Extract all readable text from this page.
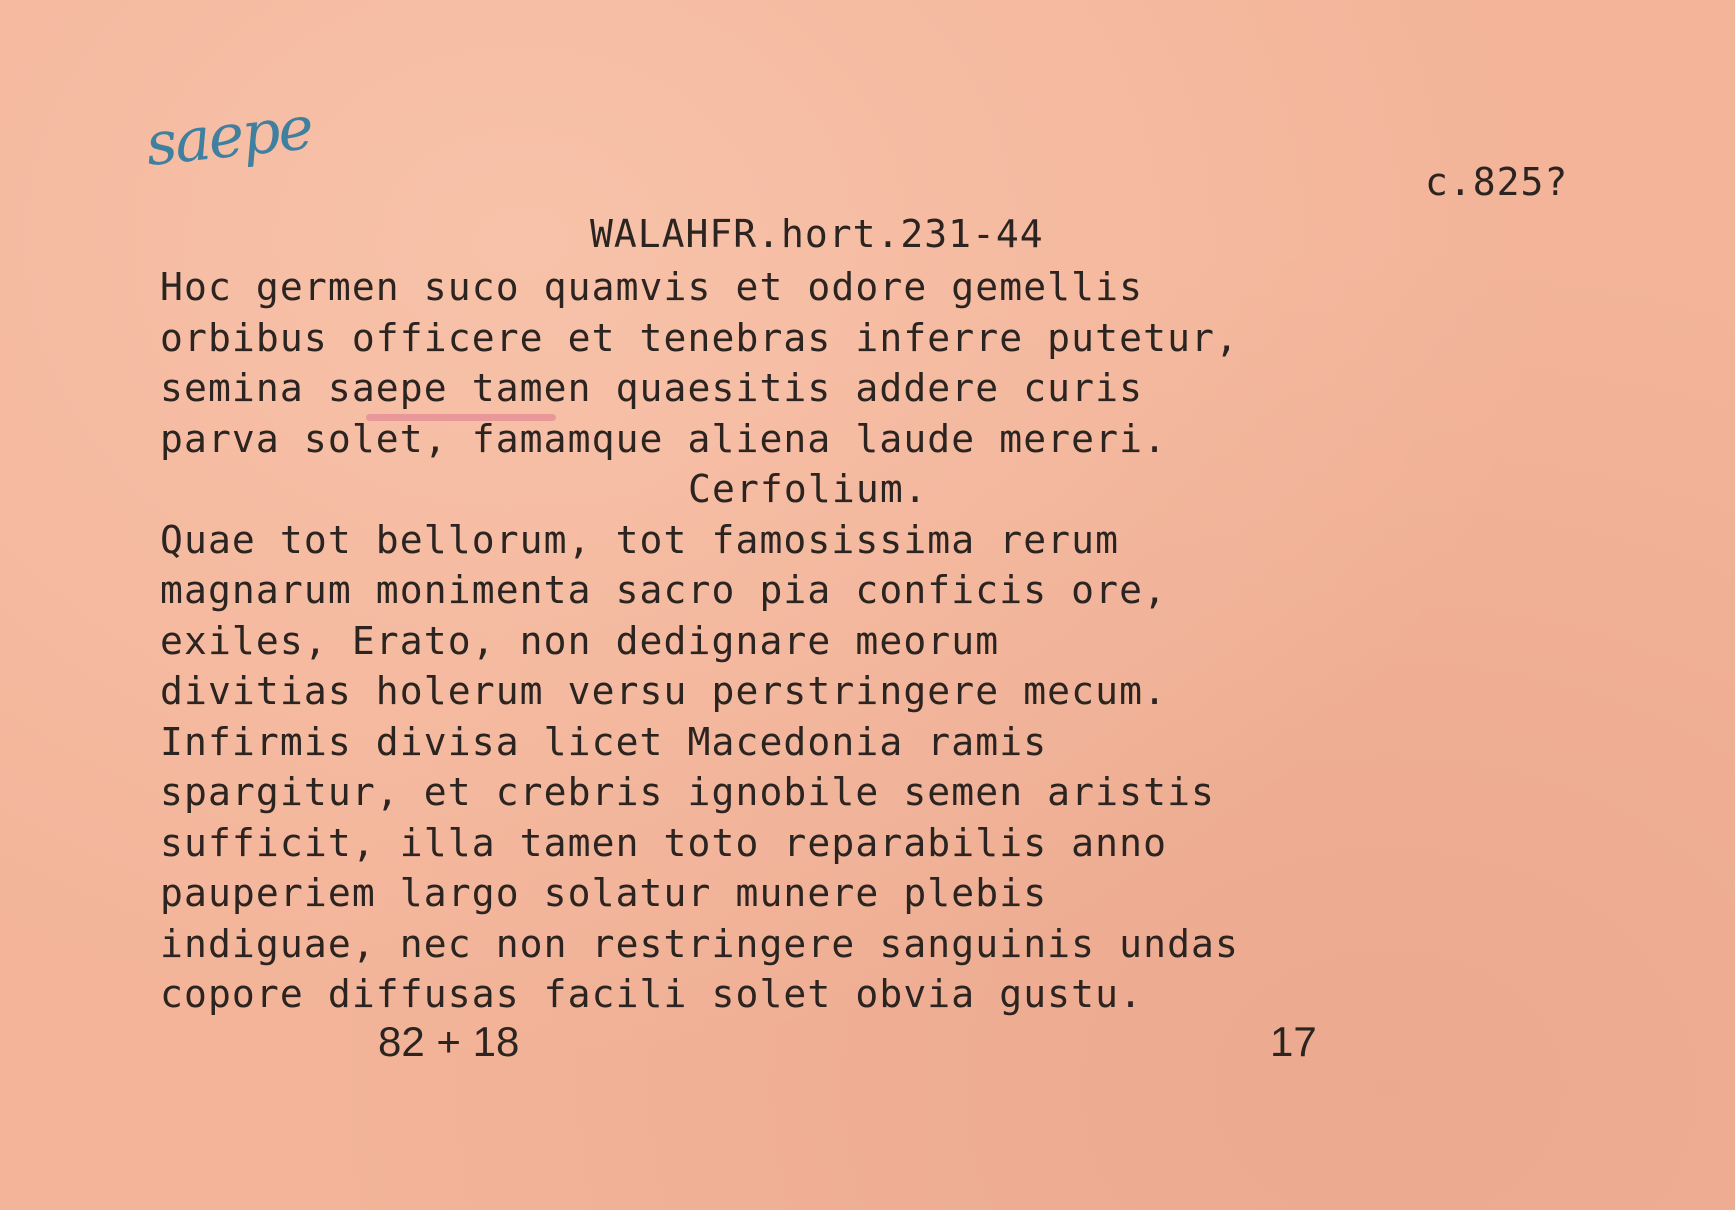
saepe
c.825?
WALAHFR.hort.231-44
Hoc germen suco quamvis et odore gemellis
orbibus officere et tenebras inferre putetur,
semina saepe tamen quaesitis addere curis
parva solet, famamque aliena laude mereri.
Cerfolium.
Quae tot bellorum, tot famosissima rerum
magnarum monimenta sacro pia conficis ore,
exiles, Erato, non dedignare meorum
divitias holerum versu perstringere mecum.
Infirmis divisa licet Macedonia ramis
spargitur, et crebris ignobile semen aristis
sufficit, illa tamen toto reparabilis anno
pauperiem largo solatur munere plebis
indiguae, nec non restringere sanguinis undas
copore diffusas facili solet obvia gustu.
82 + 18	17
